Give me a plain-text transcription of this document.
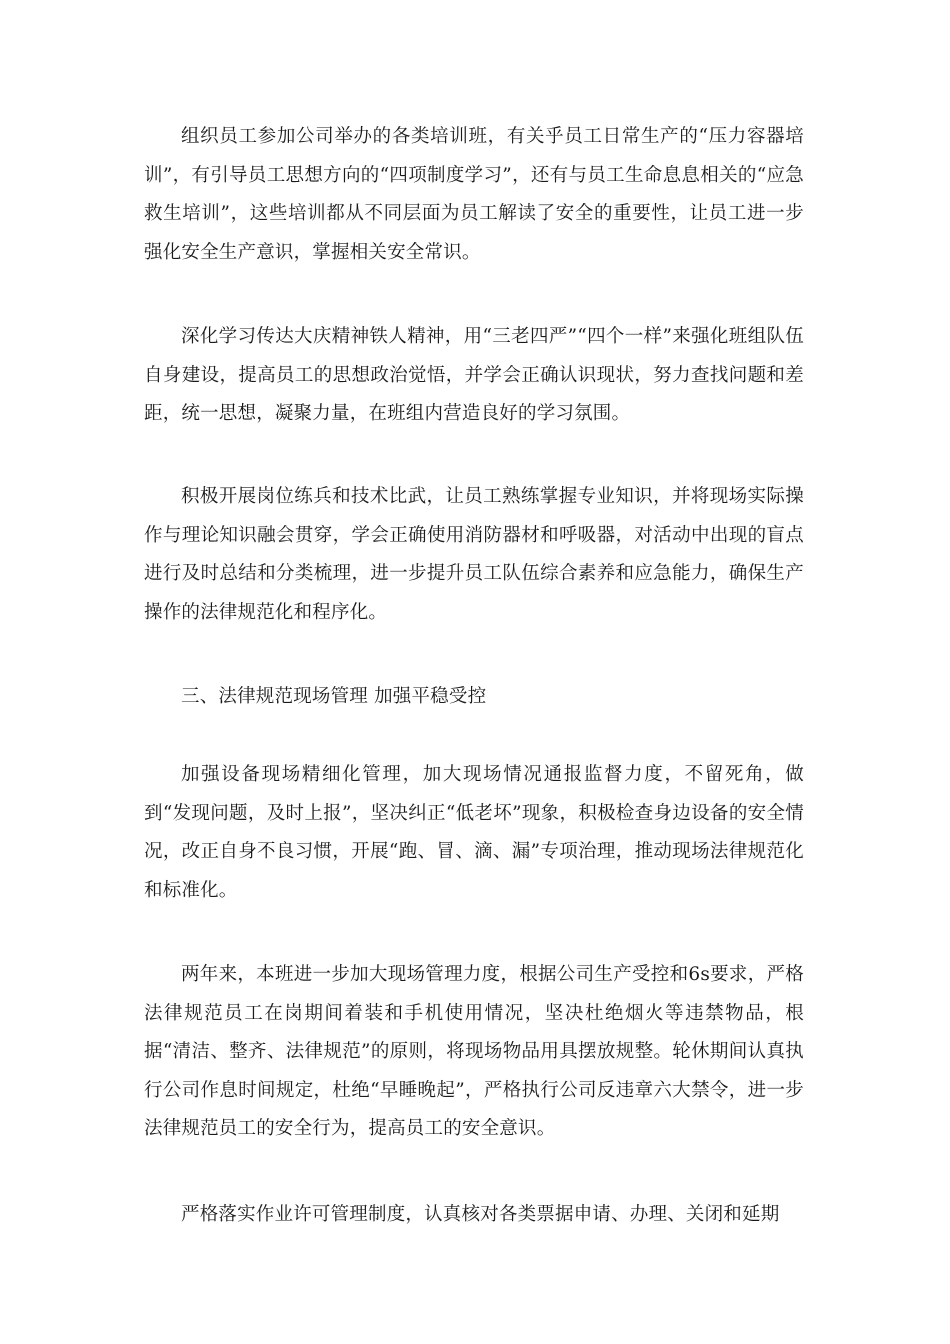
组织员工参加公司举办的各类培训班，有关乎员工日常生产的“压力容器培训”，有引导员工思想方向的“四项制度学习”，还有与员工生命息息相关的“应急救生培训”，这些培训都从不同层面为员工解读了安全的重要性，让员工进一步强化安全生产意识，掌握相关安全常识。

深化学习传达大庆精神铁人精神，用“三老四严”“四个一样”来强化班组队伍自身建设，提高员工的思想政治觉悟，并学会正确认识现状，努力查找问题和差距，统一思想，凝聚力量，在班组内营造良好的学习氛围。

积极开展岗位练兵和技术比武，让员工熟练掌握专业知识，并将现场实际操作与理论知识融会贯穿，学会正确使用消防器材和呼吸器，对活动中出现的盲点进行及时总结和分类梳理，进一步提升员工队伍综合素养和应急能力，确保生产操作的法律规范化和程序化。

三、法律规范现场管理 加强平稳受控

加强设备现场精细化管理，加大现场情况通报监督力度，不留死角，做到“发现问题，及时上报”，坚决纠正“低老坏”现象，积极检查身边设备的安全情况，改正自身不良习惯，开展“跑、冒、滴、漏”专项治理，推动现场法律规范化和标准化。

两年来，本班进一步加大现场管理力度，根据公司生产受控和6s要求，严格法律规范员工在岗期间着装和手机使用情况，坚决杜绝烟火等违禁物品，根据“清洁、整齐、法律规范”的原则，将现场物品用具摆放规整。轮休期间认真执行公司作息时间规定，杜绝“早睡晚起”，严格执行公司反违章六大禁令，进一步法律规范员工的安全行为，提高员工的安全意识。

严格落实作业许可管理制度，认真核对各类票据申请、办理、关闭和延期
